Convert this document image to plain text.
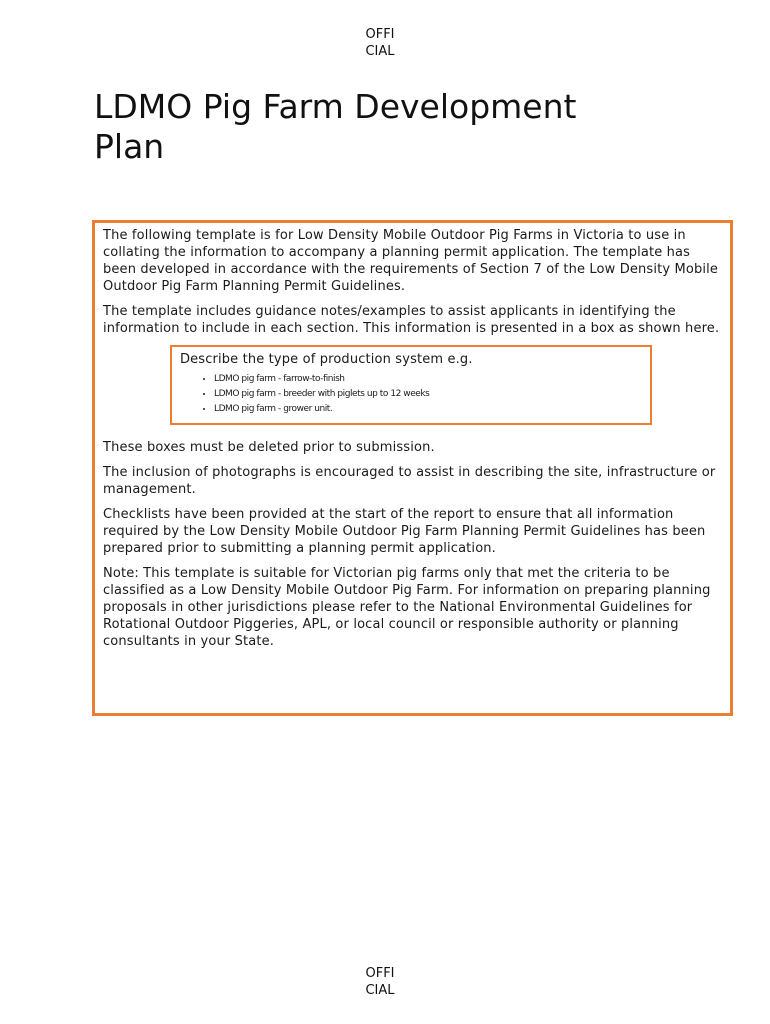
OFFI
CIAL
LDMO Pig Farm Development
Plan

The following template is for Low Density Mobile Outdoor Pig Farms in Victoria to use in collating the information to accompany a planning permit application. The template has been developed in accordance with the requirements of Section 7 of the Low Density Mobile Outdoor Pig Farm Planning Permit Guidelines.

The template includes guidance notes/examples to assist applicants in identifying the information to include in each section. This information is presented in a box as shown here.

Describe the type of production system e.g.

• LDMO pig farm - farrow-to-finish
• LDMO pig farm - breeder with piglets up to 12 weeks
• LDMO pig farm - grower unit.

These boxes must be deleted prior to submission.

The inclusion of photographs is encouraged to assist in describing the site, infrastructure or management.

Checklists have been provided at the start of the report to ensure that all information required by the Low Density Mobile Outdoor Pig Farm Planning Permit Guidelines has been prepared prior to submitting a planning permit application.

Note: This template is suitable for Victorian pig farms only that met the criteria to be classified as a Low Density Mobile Outdoor Pig Farm. For information on preparing planning proposals in other jurisdictions please refer to the National Environmental Guidelines for Rotational Outdoor Piggeries, APL, or local council or responsible authority or planning consultants in your State.

OFFI
CIAL
